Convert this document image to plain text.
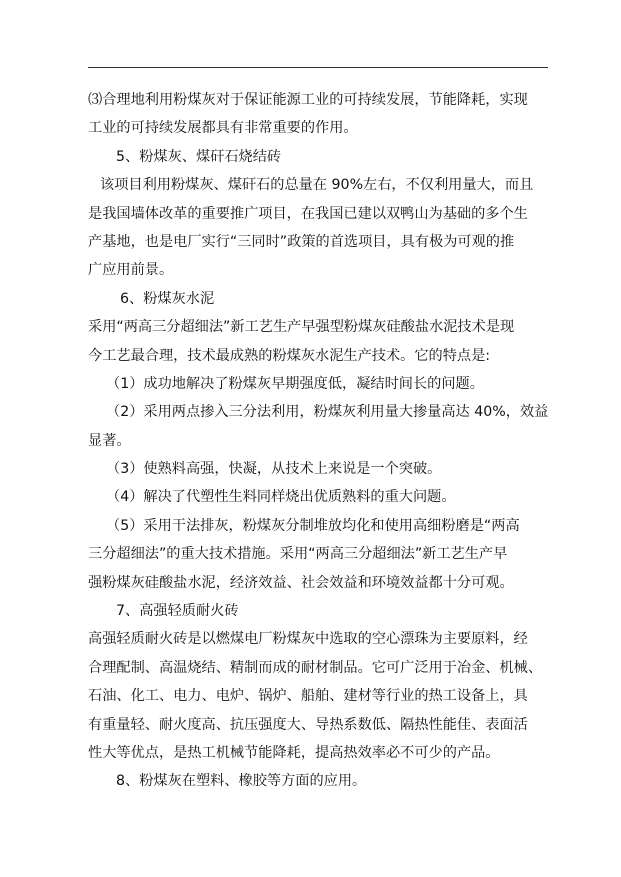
⑶合理地利用粉煤灰对于保证能源工业的可持续发展，节能降耗，实现
工业的可持续发展都具有非常重要的作用。
5、粉煤灰、煤矸石烧结砖
该项目利用粉煤灰、煤矸石的总量在 90%左右，不仅利用量大，而且
是我国墙体改革的重要推广项目，在我国已建以双鸭山为基础的多个生
产基地，也是电厂实行“三同时”政策的首选项目，具有极为可观的推
广应用前景。
6、粉煤灰水泥
采用“两高三分超细法”新工艺生产早强型粉煤灰硅酸盐水泥技术是现
今工艺最合理，技术最成熟的粉煤灰水泥生产技术。它的特点是:
（1）成功地解决了粉煤灰早期强度低，凝结时间长的问题。
（2）采用两点掺入三分法利用，粉煤灰利用量大掺量高达 40%，效益
显著。
（3）使熟料高强，快凝，从技术上来说是一个突破。
（4）解决了代塑性生料同样烧出优质熟料的重大问题。
（5）采用干法排灰，粉煤灰分制堆放均化和使用高细粉磨是“两高
三分超细法”的重大技术措施。采用“两高三分超细法”新工艺生产早
强粉煤灰硅酸盐水泥，经济效益、社会效益和环境效益都十分可观。
7、高强轻质耐火砖
高强轻质耐火砖是以燃煤电厂粉煤灰中选取的空心漂珠为主要原料，经
合理配制、高温烧结、精制而成的耐材制品。它可广泛用于冶金、机械、
石油、化工、电力、电炉、锅炉、船舶、建材等行业的热工设备上，具
有重量轻、耐火度高、抗压强度大、导热系数低、隔热性能佳、表面活
性大等优点，是热工机械节能降耗，提高热效率必不可少的产品。
8、粉煤灰在塑料、橡胶等方面的应用。
